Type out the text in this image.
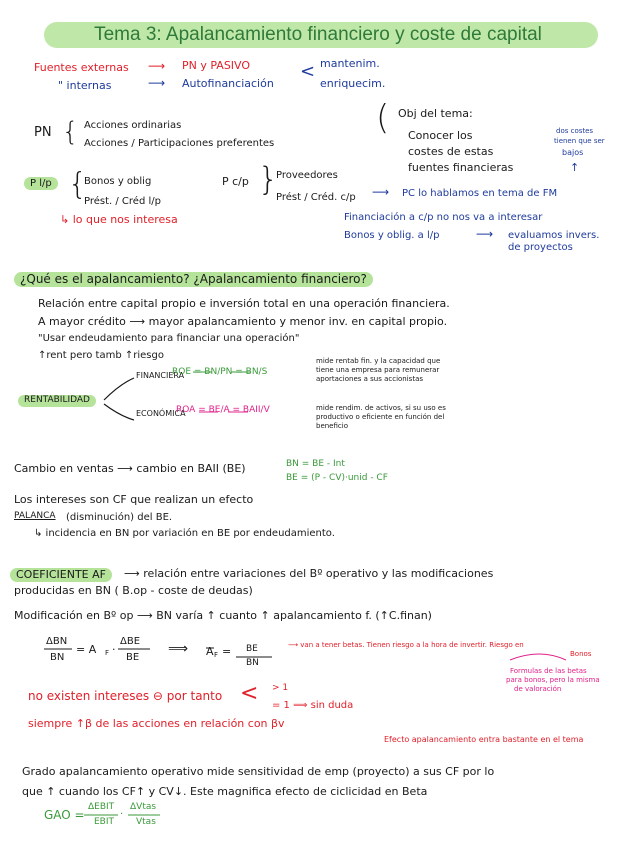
Tema 3: Apalancamiento financiero y coste de capital
Fuentes externas ⟶ PN y PASIVO	mantenim.
<
" internas	⟶ Autofinanciación	enriquecim.
PN { Acciones ordinarias
Acciones / Participaciones preferentes
( Obj del tema:
Conocer los
costes de estas
fuentes financieras
dos costes
tienen que ser
bajos
↑
P l/p {
Bonos y oblig
Prést. / Créd l/p
↳ lo que nos interesa
P c/p }
Proveedores
Prést / Créd. c/p ⟶ PC lo hablamos en tema de FM
Financiación a c/p no nos va a interesar
Bonos y oblig. a l/p	⟶ evaluamos invers.
de proyectos
¿Qué es el apalancamiento? ¿Apalancamiento financiero?
Relación entre capital propio e inversión total en una operación financiera.
A mayor crédito ⟶ mayor apalancamiento y menor inv. en capital propio.
"Usar endeudamiento para financiar una operación"
↑rent pero tamb ↑riesgo
RENTABILIDAD
FINANCIERA
ROE = BN/PN = BN/S
mide rentab fin. y la capacidad que
tiene una empresa para remunerar
aportaciones a sus accionistas
ECONÓMICA
ROA = BE/A = BAII/V	mide rendim. de activos, si su uso es
productivo o eficiente en función del
beneficio
Cambio en ventas ⟶ cambio en BAII (BE)	BN = BE - Int
BE = (P - CV)·unid - CF
Los intereses son CF que realizan un efecto
PALANCA (disminución) del BE.
↳ incidencia en BN por variación en BE por endeudamiento.
COEFICIENTE AF	⟶ relación entre variaciones del Bº operativo y las modificaciones
producidas en BN ( B.op - coste de deudas)
Modificación en Bº op ⟶ BN varía ↑ cuanto ↑ apalancamiento f. (↑C.finan)
ΔBN
BN
= A F ·
ΔBE
BE
⟹ A F = BE
BN
⟶ van a tener betas. Tienen riesgo a la hora de invertir. Riesgo en
Bonos
Formulas de las betas
para bonos, pero la misma
de valoración
no existen intereses ⊖ por tanto < > 1
= 1 ⟹ sin duda
siempre ↑β de las acciones en relación con βv
Efecto apalancamiento entra bastante en el tema
Grado apalancamiento operativo mide sensitividad de emp (proyecto) a sus CF por lo
que ↑ cuando los CF↑ y CV↓. Este magnifica efecto de ciclicidad en Beta
GAO =
ΔEBIT
EBIT
·
ΔVtas
Vtas
